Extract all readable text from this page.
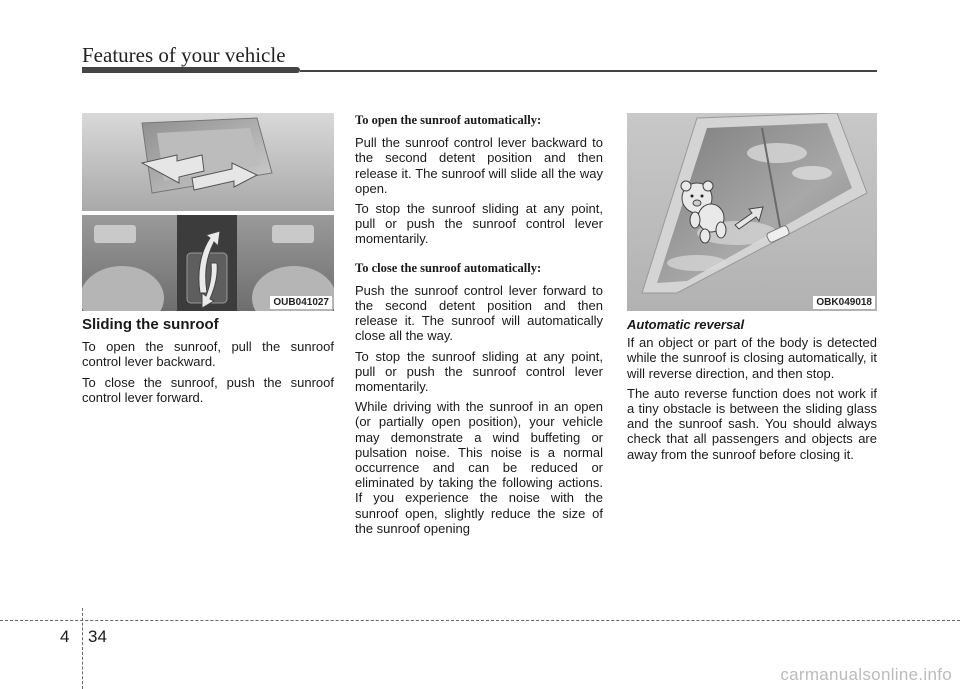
Features of your vehicle
OUB041027	OBK049018
Sliding the sunroof

To open the sunroof, pull the sunroof control lever backward.

To close the sunroof, push the sunroof control lever forward.

To open the sunroof automatically:

Pull the sunroof control lever backward to the second detent position and then release it. The sunroof will slide all the way open.

To stop the sunroof sliding at any point, pull or push the sunroof control lever momentarily.

To close the sunroof automatically:

Push the sunroof control lever forward to the second detent position and then release it. The sunroof will automatically close all the way.

To stop the sunroof sliding at any point, pull or push the sunroof control lever momentarily.

While driving with the sunroof in an open (or partially open position), your vehicle may demonstrate a wind buffeting or pulsation noise. This noise is a normal occurrence and can be reduced or eliminated by taking the following actions. If you experience the noise with the sunroof open, slightly reduce the size of the sunroof opening

Automatic reversal

If an object or part of the body is detected while the sunroof is closing automatically, it will reverse direction, and then stop.

The auto reverse function does not work if a tiny obstacle is between the sliding glass and the sunroof sash. You should always check that all passengers and objects are away from the sunroof before closing it.

4 34
carmanualsonline.info
